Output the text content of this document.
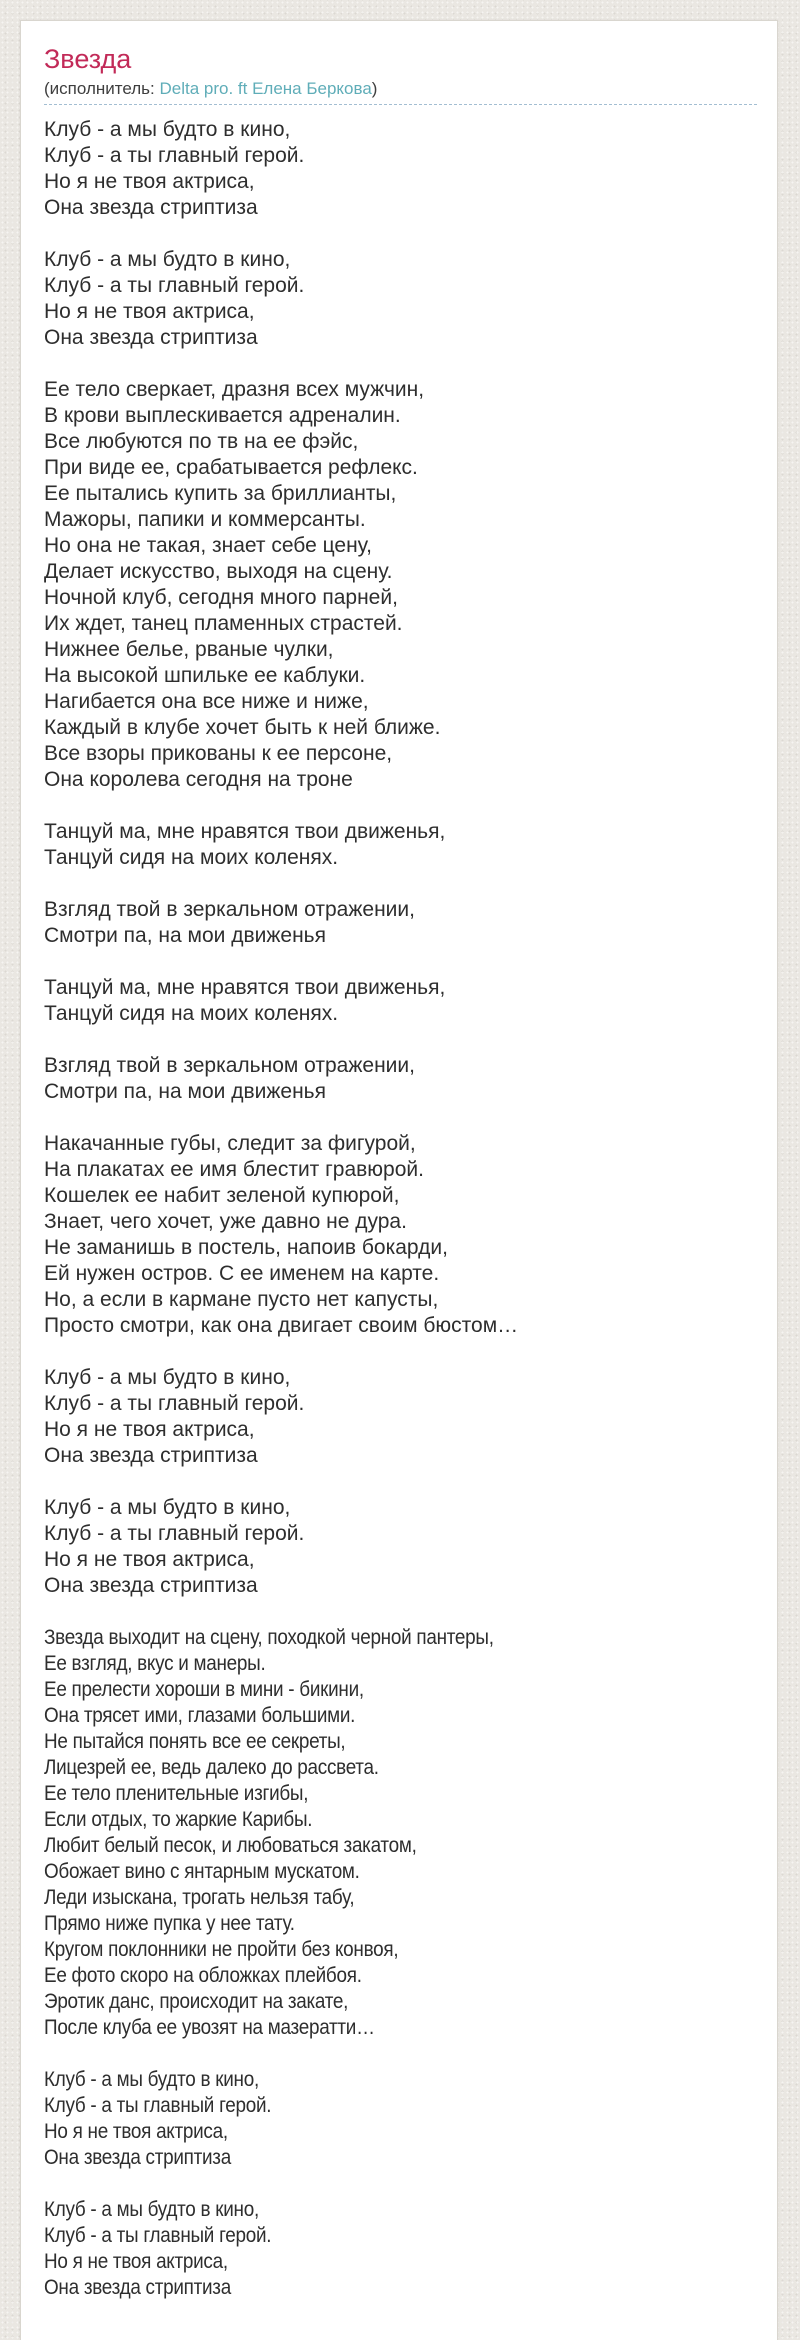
Звезда
(исполнитель: Delta pro. ft Елена Беркова)

Клуб - а мы будто в кино,
Клуб - а ты главный герой.
Но я не твоя актриса,
Она звезда стриптиза

Клуб - а мы будто в кино,
Клуб - а ты главный герой.
Но я не твоя актриса,
Она звезда стриптиза

Ее тело сверкает, дразня всех мужчин,
В крови выплескивается адреналин.
Все любуются по тв на ее фэйс,
При виде ее, срабатывается рефлекс.
Ее пытались купить за бриллианты,
Мажоры, папики и коммерсанты.
Но она не такая, знает себе цену,
Делает искусство, выходя на сцену.
Ночной клуб, сегодня много парней,
Их ждет, танец пламенных страстей.
Нижнее белье, рваные чулки,
На высокой шпильке ее каблуки.
Нагибается она все ниже и ниже,
Каждый в клубе хочет быть к ней ближе.
Все взоры прикованы к ее персоне,
Она королева сегодня на троне

Танцуй ма, мне нравятся твои движенья,
Танцуй сидя на моих коленях.

Взгляд твой в зеркальном отражении,
Смотри па, на мои движенья

Танцуй ма, мне нравятся твои движенья,
Танцуй сидя на моих коленях.

Взгляд твой в зеркальном отражении,
Смотри па, на мои движенья

Накачанные губы, следит за фигурой,
На плакатах ее имя блестит гравюрой.
Кошелек ее набит зеленой купюрой,
Знает, чего хочет, уже давно не дура.
Не заманишь в постель, напоив бокарди,
Ей нужен остров. С ее именем на карте.
Но, а если в кармане пусто нет капусты,
Просто смотри, как она двигает своим бюстом…

Клуб - а мы будто в кино,
Клуб - а ты главный герой.
Но я не твоя актриса,
Она звезда стриптиза

Клуб - а мы будто в кино,
Клуб - а ты главный герой.
Но я не твоя актриса,
Она звезда стриптиза

Звезда выходит на сцену, походкой черной пантеры,
Ее взгляд, вкус и манеры.
Ее прелести хороши в мини - бикини,
Она трясет ими, глазами большими.
Не пытайся понять все ее секреты,
Лицезрей ее, ведь далеко до рассвета.
Ее тело пленительные изгибы,
Если отдых, то жаркие Карибы.
Любит белый песок, и любоваться закатом,
Обожает вино с янтарным мускатом.
Леди изыскана, трогать нельзя табу,
Прямо ниже пупка у нее тату.
Кругом поклонники не пройти без конвоя,
Ее фото скоро на обложках плейбоя.
Эротик данс, происходит на закате,
После клуба ее увозят на мазератти…

Клуб - а мы будто в кино,
Клуб - а ты главный герой.
Но я не твоя актриса,
Она звезда стриптиза

Клуб - а мы будто в кино,
Клуб - а ты главный герой.
Но я не твоя актриса,
Она звезда стриптиза
